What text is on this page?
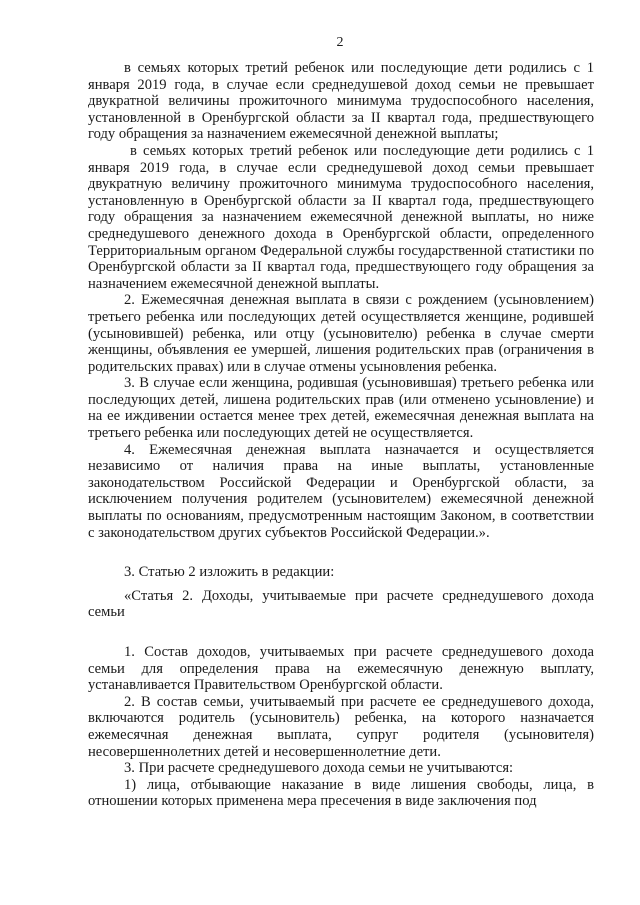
2

в семьях которых третий ребенок или последующие дети родились с 1 января 2019 года, в случае если среднедушевой доход семьи не превышает двукратной величины прожиточного минимума трудоспособного населения, установленной в Оренбургской области за II квартал года, предшествующего году обращения за назначением ежемесячной денежной выплаты;

в семьях которых третий ребенок или последующие дети родились с 1 января 2019 года, в случае если среднедушевой доход семьи превышает двукратную величину прожиточного минимума трудоспособного населения, установленную в Оренбургской области за II квартал года, предшествующего году обращения за назначением ежемесячной денежной выплаты, но ниже среднедушевого денежного дохода в Оренбургской области, определенного Территориальным органом Федеральной службы государственной статистики по Оренбургской области за II квартал года, предшествующего году обращения за назначением ежемесячной денежной выплаты.

2. Ежемесячная денежная выплата в связи с рождением (усыновлением) третьего ребенка или последующих детей осуществляется женщине, родившей (усыновившей) ребенка, или отцу (усыновителю) ребенка в случае смерти женщины, объявления ее умершей, лишения родительских прав (ограничения в родительских правах) или в случае отмены усыновления ребенка.

3. В случае если женщина, родившая (усыновившая) третьего ребенка или последующих детей, лишена родительских прав (или отменено усыновление) и на ее иждивении остается менее трех детей, ежемесячная денежная выплата на третьего ребенка или последующих детей не осуществляется.

4. Ежемесячная денежная выплата назначается и осуществляется независимо от наличия права на иные выплаты, установленные законодательством Российской Федерации и Оренбургской области, за исключением получения родителем (усыновителем) ежемесячной денежной выплаты по основаниям, предусмотренным настоящим Законом, в соответствии с законодательством других субъектов Российской Федерации.».

3. Статью 2 изложить в редакции:

«Статья 2. Доходы, учитываемые при расчете среднедушевого дохода семьи

1. Состав доходов, учитываемых при расчете среднедушевого дохода семьи для определения права на ежемесячную денежную выплату, устанавливается Правительством Оренбургской области.

2. В состав семьи, учитываемый при расчете ее среднедушевого дохода, включаются родитель (усыновитель) ребенка, на которого назначается ежемесячная денежная выплата, супруг родителя (усыновителя) несовершеннолетних детей и несовершеннолетние дети.

3. При расчете среднедушевого дохода семьи не учитываются:

1) лица, отбывающие наказание в виде лишения свободы, лица, в отношении которых применена мера пресечения в виде заключения под
